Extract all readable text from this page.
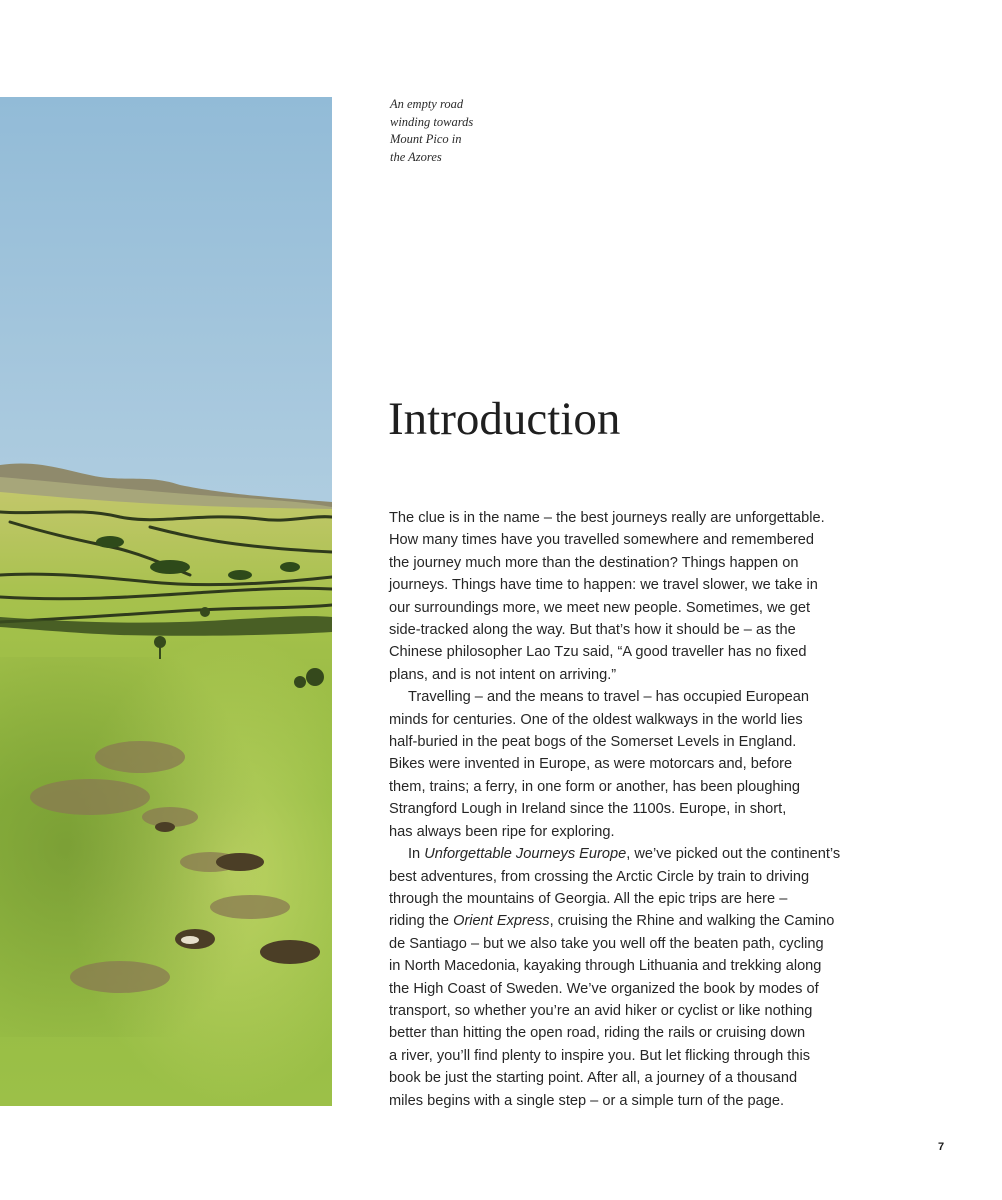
An empty road
winding towards
Mount Pico in
the Azores
Introduction
The clue is in the name – the best journeys really are unforgettable.
How many times have you travelled somewhere and remembered
the journey much more than the destination? Things happen on
journeys. Things have time to happen: we travel slower, we take in
our surroundings more, we meet new people. Sometimes, we get
side-tracked along the way. But that’s how it should be – as the
Chinese philosopher Lao Tzu said, “A good traveller has no fixed
plans, and is not intent on arriving.”
Travelling – and the means to travel – has occupied European
minds for centuries. One of the oldest walkways in the world lies
half-buried in the peat bogs of the Somerset Levels in England.
Bikes were invented in Europe, as were motorcars and, before
them, trains; a ferry, in one form or another, has been ploughing
Strangford Lough in Ireland since the 1100s. Europe, in short,
has always been ripe for exploring.
In Unforgettable Journeys Europe, we’ve picked out the continent’s
best adventures, from crossing the Arctic Circle by train to driving
through the mountains of Georgia. All the epic trips are here –
riding the Orient Express, cruising the Rhine and walking the Camino
de Santiago – but we also take you well off the beaten path, cycling
in North Macedonia, kayaking through Lithuania and trekking along
the High Coast of Sweden. We’ve organized the book by modes of
transport, so whether you’re an avid hiker or cyclist or like nothing
better than hitting the open road, riding the rails or cruising down
a river, you’ll find plenty to inspire you. But let flicking through this
book be just the starting point. After all, a journey of a thousand
miles begins with a single step – or a simple turn of the page.
7
